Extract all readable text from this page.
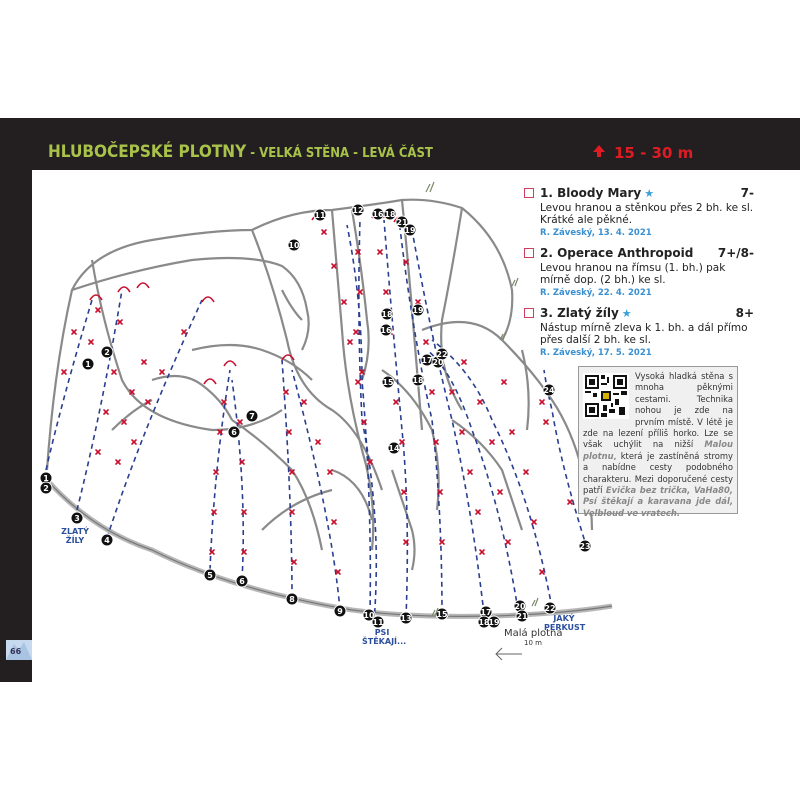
HLUBOČEPSKÉ PLOTNY - VELKÁ STĚNA - LEVÁ ČÁST	15 - 30 m
1
2
1
2
3
4
5
6
8
9	10
11 13	15	17
18
19
20
21
22
23
6
7
14
15
16
18 19
17 20
22
18
24
11
12 16 18
21
19
10
ZLATÝ
ŽÍLY
PSI
ŠTĚKAJÍ...
JAKÝ
PERKUST
Malá plotna
10 m
1. Bloody Mary ★	7-
Levou hranou a stěnkou přes 2 bh. ke sl. Krátké ale pěkné.
R. Záveský, 13. 4. 2021
2. Operace Anthropoid	7+/8-
Levou hranou na římsu (1. bh.) pak mírně dop. (2 bh.) ke sl.
R. Záveský, 22. 4. 2021
3. Zlatý žíly ★	8+
Nástup mírně zleva k 1. bh. a dál přímo přes další 2 bh. ke sl.
R. Záveský, 17. 5. 2021
Vysoká hladká stěna s mnoha pěknými cestami. Technika nohou je zde na prvním místě. V létě je zde na lezení příliš horko. Lze se však uchýlit na nižší Malou plotnu, která je zastíněná stromy a nabídne cesty podobného charakteru. Mezi doporučené cesty patří Evička bez trička, VaHa80, Psí štěkají a karavana jde dál, Velbloud ve vratech.
66
